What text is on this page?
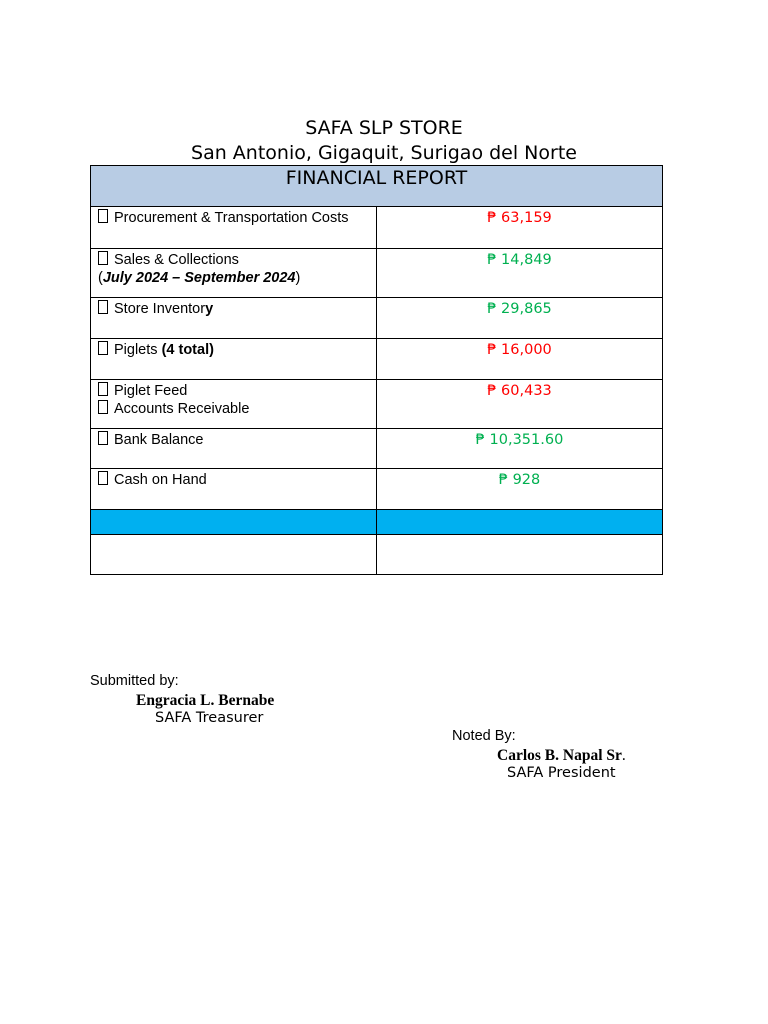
SAFA SLP STORE
San Antonio, Gigaquit, Surigao del Norte
FINANCIAL REPORT	

Procurement & Transportation Costs	₱ 63,159

Sales & Collections
(July 2024 – September 2024)	₱ 14,849

Store Inventory	₱ 29,865

Piglets (4 total)	₱ 16,000

Piglet Feed
Accounts Receivable	₱ 60,433

Bank Balance	₱ 10,351.60

Cash on Hand	₱ 928

Submitted by:
Engracia L. Bernabe
SAFA Treasurer
Noted By:
Carlos B. Napal Sr.
SAFA President
